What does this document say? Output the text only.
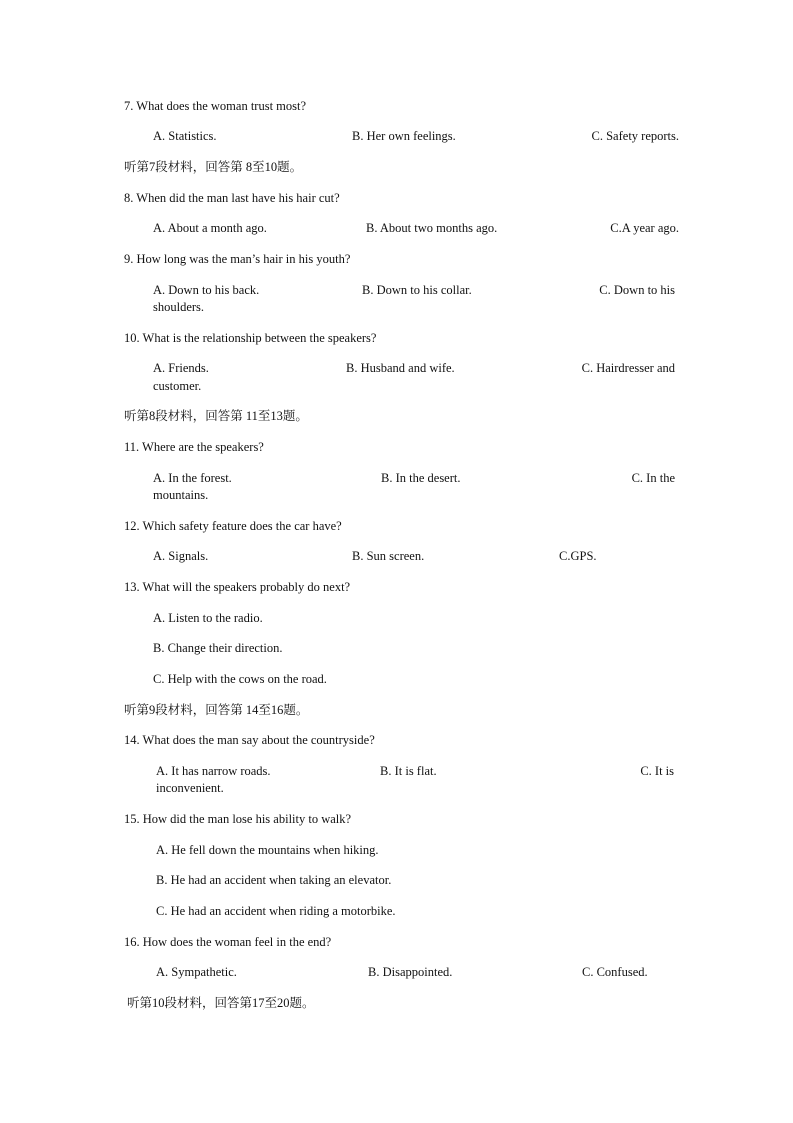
7. What does the woman trust most?
A. Statistics.	B. Her own feelings.	C. Safety reports.
听第7段材料，回答第 8至10题。
8. When did the man last have his hair cut?
A. About a month ago.	B. About two months ago.	C.A year ago.
9. How long was the man’s hair in his youth?
A. Down to his back.	B. Down to his collar.	C. Down to his
shoulders.
10. What is the relationship between the speakers?
A. Friends.	B. Husband and wife.	C. Hairdresser and
customer.
听第8段材料，回答第 11至13题。
11. Where are the speakers?
A. In the forest.	B. In the desert.	C. In the
mountains.
12. Which safety feature does the car have?
A. Signals.	B. Sun screen.	C.GPS.
13. What will the speakers probably do next?
A. Listen to the radio.
B. Change their direction.
C. Help with the cows on the road.
听第9段材料，回答第 14至16题。
14. What does the man say about the countryside?
A. It has narrow roads.	B. It is flat.	C. It is
inconvenient.
15. How did the man lose his ability to walk?
A. He fell down the mountains when hiking.
B. He had an accident when taking an elevator.
C. He had an accident when riding a motorbike.
16. How does the woman feel in the end?
A. Sympathetic.	B. Disappointed.	C. Confused.
听第10段材料，回答第17至20题。
